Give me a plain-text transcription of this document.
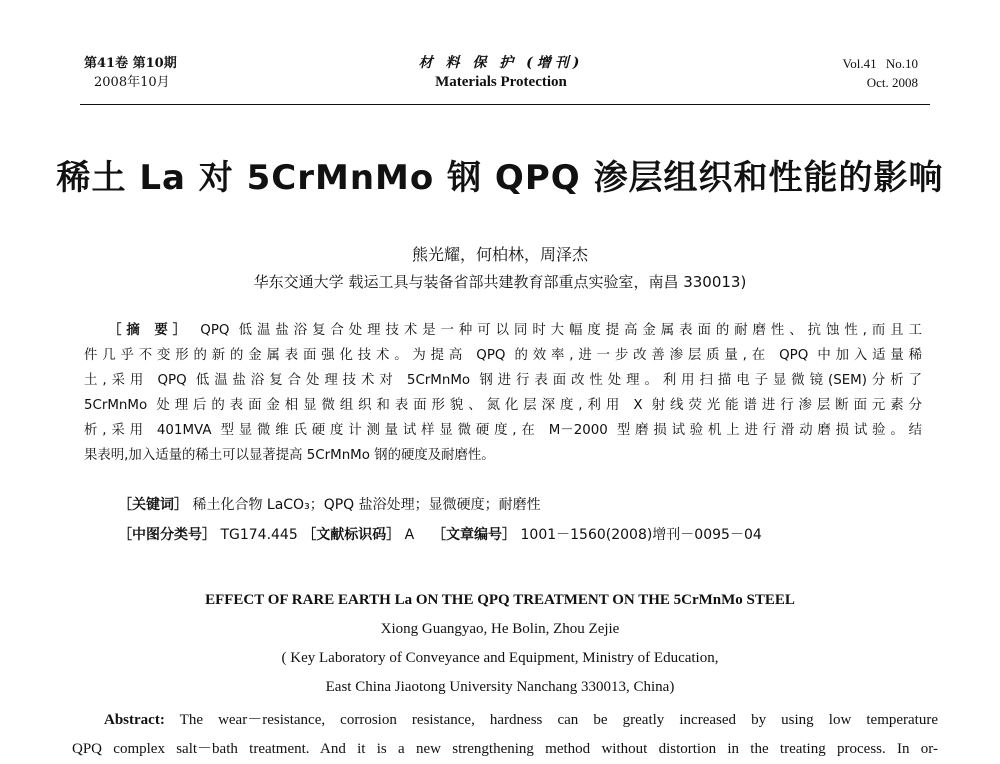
第41卷 第10期
2008年10月
材 料 保 护 (增刊)
Materials Protection
Vol.41 No.10
Oct. 2008
稀土 La 对 5CrMnMo 钢 QPQ 渗层组织和性能的影响
熊光耀，何柏林，周泽杰
华东交通大学 载运工具与装备省部共建教育部重点实验室，南昌 330013)
［摘 要］ QPQ 低温盐浴复合处理技术是一种可以同时大幅度提高金属表面的耐磨性、抗蚀性,而且工
件几乎不变形的新的金属表面强化技术。为提高 QPQ 的效率,进一步改善渗层质量,在 QPQ 中加入适量稀
土,采用 QPQ 低温盐浴复合处理技术对 5CrMnMo 钢进行表面改性处理。利用扫描电子显微镜(SEM)分析了
5CrMnMo 处理后的表面金相显微组织和表面形貌、氮化层深度,利用 X 射线荧光能谱进行渗层断面元素分
析,采用 401MVA 型显微维氏硬度计测量试样显微硬度,在 M－2000 型磨损试验机上进行滑动磨损试验。结
果表明,加入适量的稀土可以显著提高 5CrMnMo 钢的硬度及耐磨性。
［关键词］ 稀土化合物 LaCO₃；QPQ 盐浴处理；显微硬度；耐磨性
［中图分类号］ TG174.445 ［文献标识码］ A ［文章编号］ 1001－1560(2008)增刊－0095－04
EFFECT OF RARE EARTH La ON THE QPQ TREATMENT ON THE 5CrMnMo STEEL
Xiong Guangyao, He Bolin, Zhou Zejie
( Key Laboratory of Conveyance and Equipment, Ministry of Education,
East China Jiaotong University Nanchang 330013, China)
Abstract: The wear－resistance, corrosion resistance, hardness can be greatly increased by using low temperature
QPQ complex salt－bath treatment. And it is a new strengthening method without distortion in the treating process. In or-
